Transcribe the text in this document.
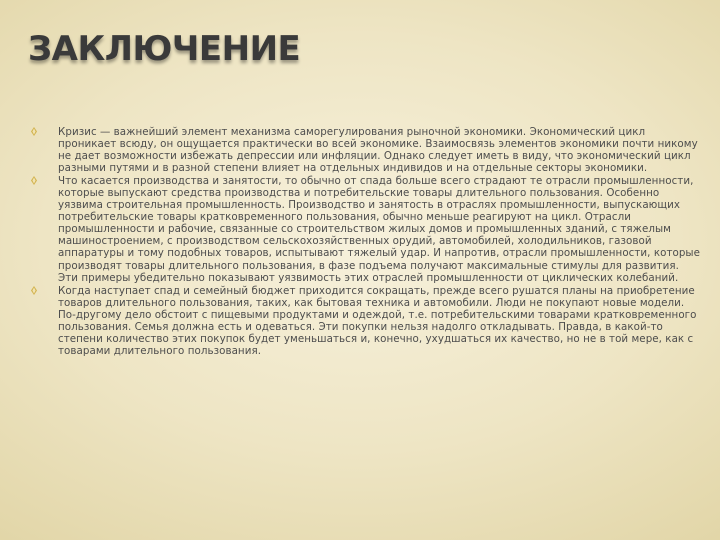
ЗАКЛЮЧЕНИЕ
Кризис — важнейший элемент механизма саморегулирования рыночной экономики. Экономический цикл проникает всюду, он ощущается практически во всей экономике. Взаимосвязь элементов экономики почти никому не дает возможности избежать депрессии или инфляции. Однако следует иметь в виду, что экономический цикл разными путями и в разной степени влияет на отдельных индивидов и на отдельные секторы экономики.
Что касается производства и занятости, то обычно от спада больше всего страдают те отрасли промышленности, которые выпускают средства производства и потребительские товары длительного пользования. Особенно уязвима строительная промышленность. Производство и занятость в отраслях промышленности, выпускающих потребительские товары кратковременного пользования, обычно меньше реагируют на цикл. Отрасли промышленности и рабочие, связанные со строительством жилых домов и промышленных зданий, с тяжелым машиностроением, с производством сельскохозяйственных орудий, автомобилей, холодильников, газовой аппаратуры и тому подобных товаров, испытывают тяжелый удар. И напротив, отрасли промышленности, которые производят товары длительного пользования, в фазе подъема получают максимальные стимулы для развития. Эти примеры убедительно показывают уязвимость этих отраслей промышленности от циклических колебаний.
Когда наступает спад и семейный бюджет приходится сокращать, прежде всего рушатся планы на приобретение товаров длительного пользования, таких, как бытовая техника и автомобили. Люди не покупают новые модели. По-другому дело обстоит с пищевыми продуктами и одеждой, т.е. потребительскими товарами кратковременного пользования. Семья должна есть и одеваться. Эти покупки нельзя надолго откладывать. Правда, в какой-то степени количество этих покупок будет уменьшаться и, конечно, ухудшаться их качество, но не в той мере, как с товарами длительного пользования.
